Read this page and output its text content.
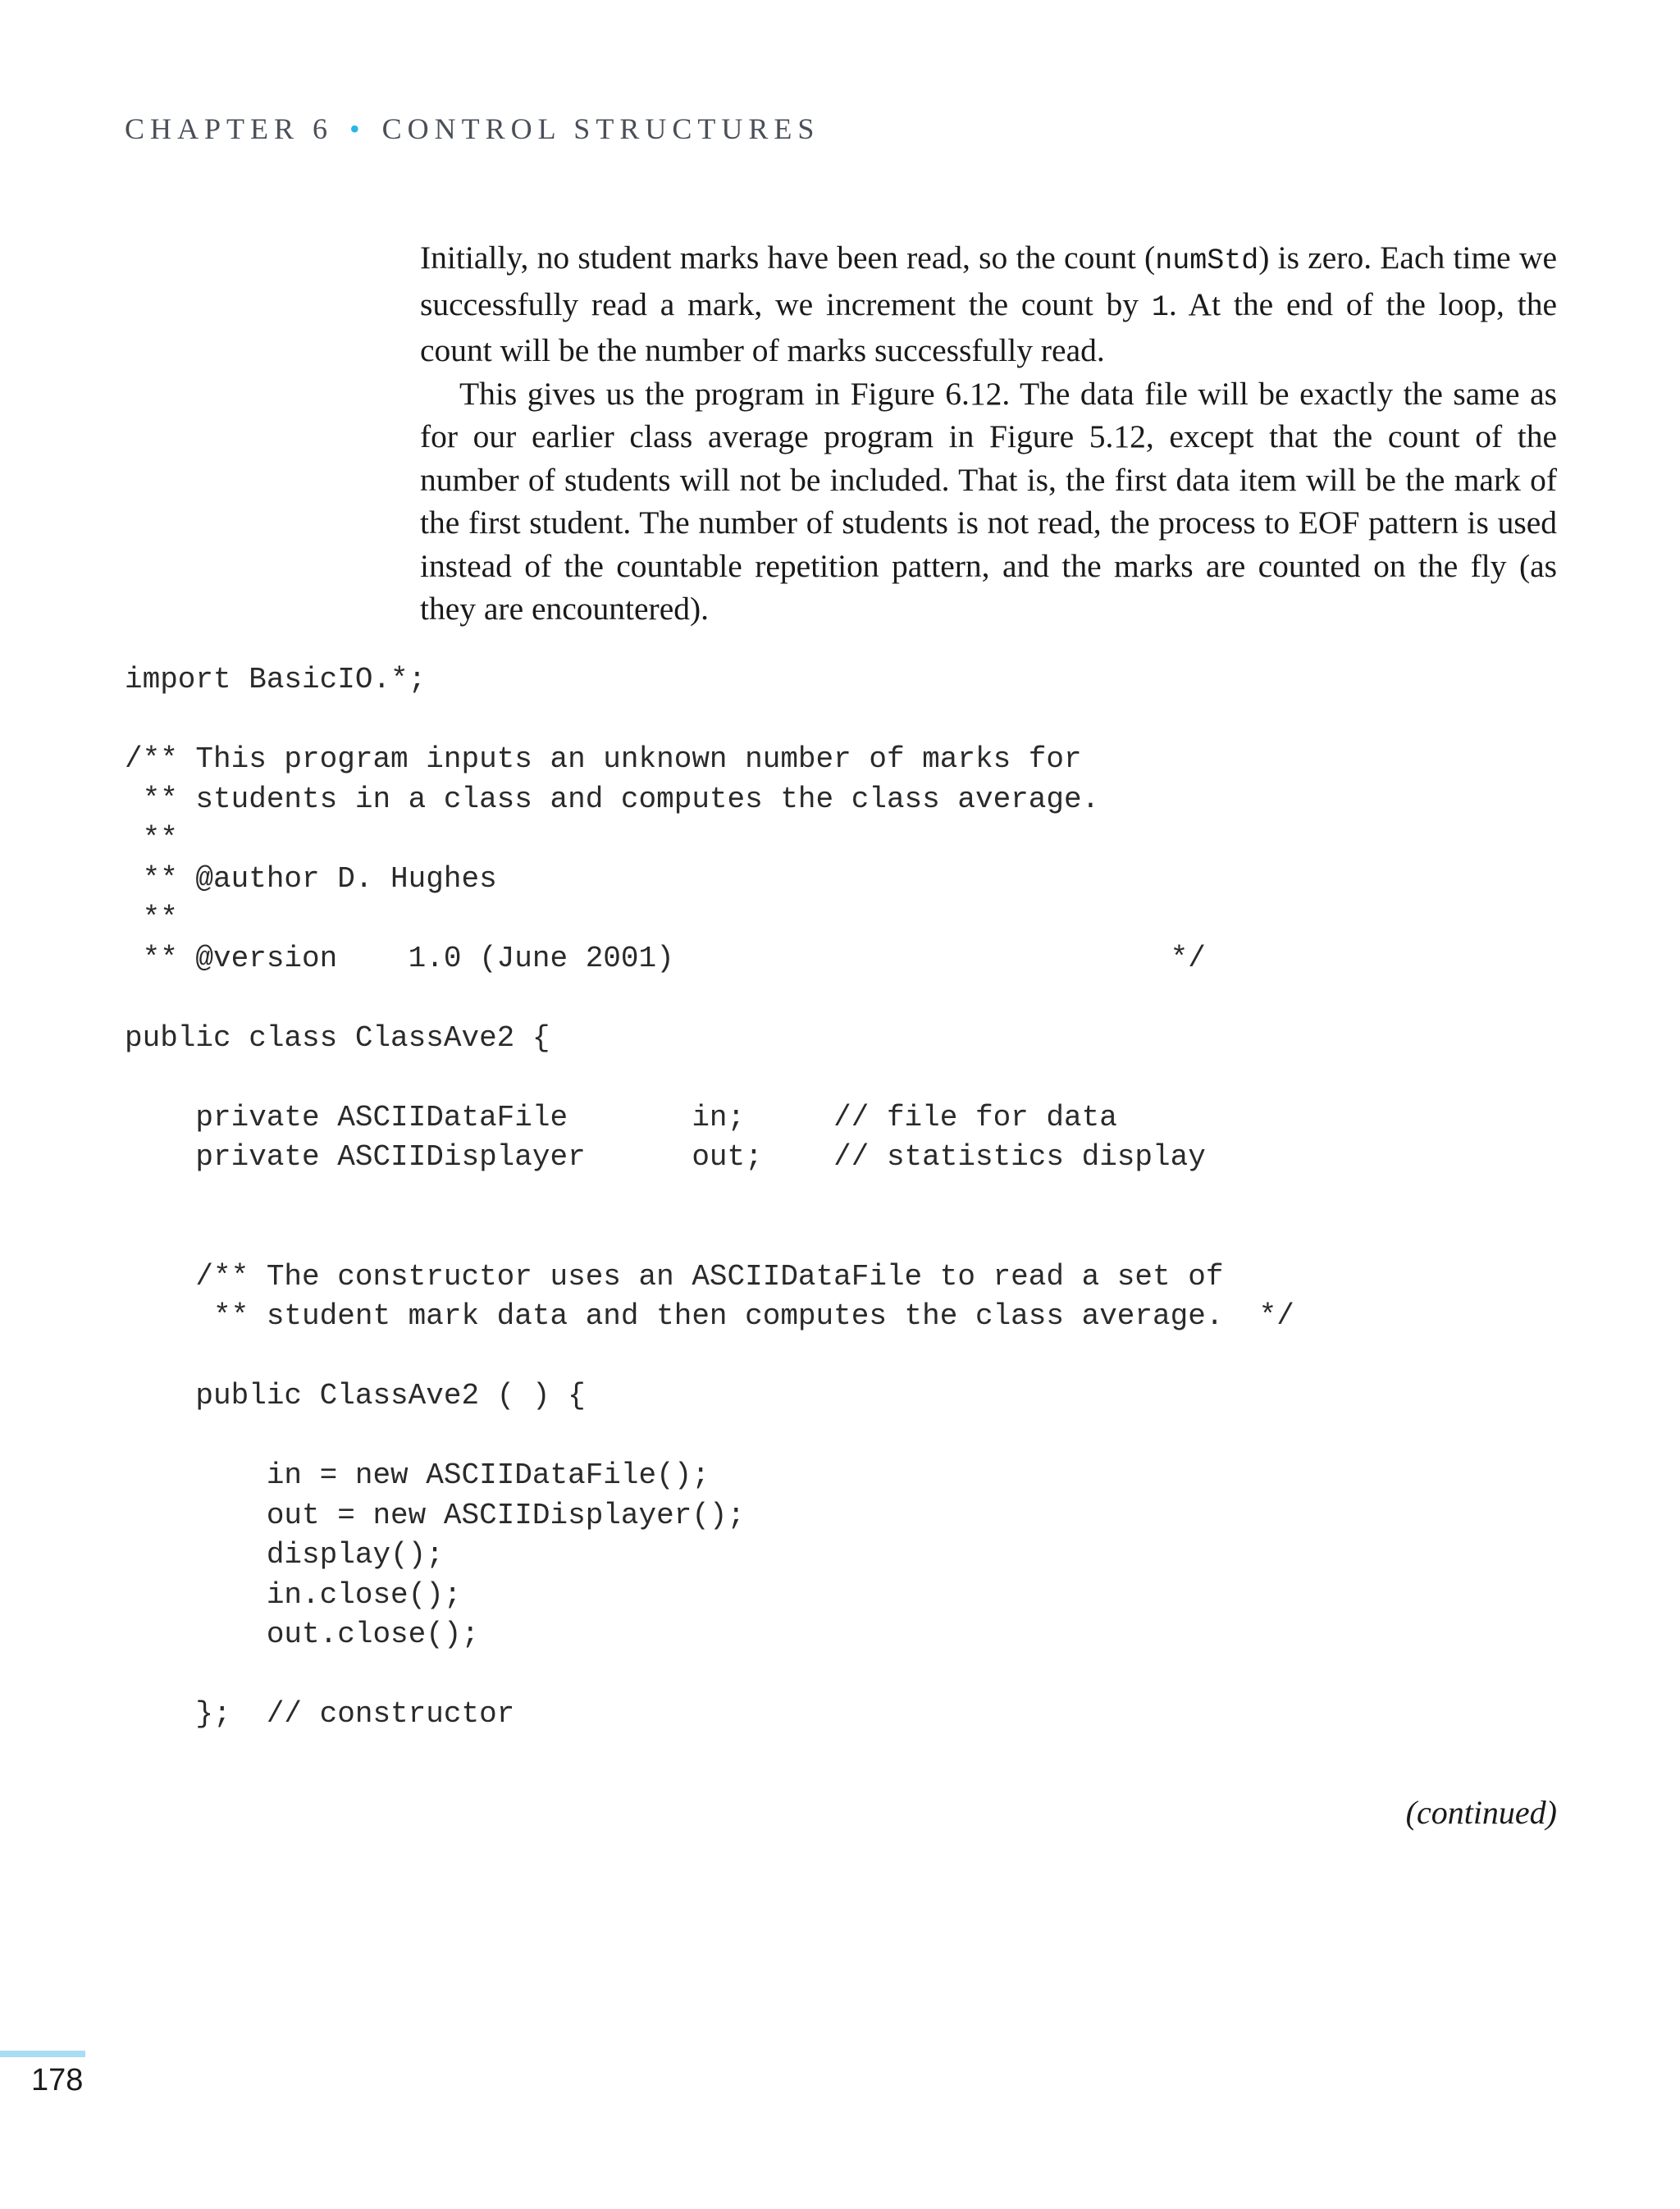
CHAPTER 6 • CONTROL STRUCTURES

Initially, no student marks have been read, so the count (numStd) is zero. Each time we successfully read a mark, we increment the count by 1. At the end of the loop, the count will be the number of marks successfully read.

This gives us the program in Figure 6.12. The data file will be exactly the same as for our earlier class average program in Figure 5.12, except that the count of the number of students will not be included. That is, the first data item will be the mark of the first student. The number of students is not read, the process to EOF pattern is used instead of the countable repetition pattern, and the marks are counted on the fly (as they are encountered).

import BasicIO.*;

/** This program inputs an unknown number of marks for
** students in a class and computes the class average.
**
** @author D. Hughes
**
** @version    1.0 (June 2001)                            */

public class ClassAve2 {

private ASCIIDataFile       in;     // file for data
private ASCIIDisplayer      out;    // statistics display

/** The constructor uses an ASCIIDataFile to read a set of
** student mark data and then computes the class average.  */

public ClassAve2 ( ) {

in = new ASCIIDataFile();
out = new ASCIIDisplayer();
display();
in.close();
out.close();

};  // constructor
(continued)
178
